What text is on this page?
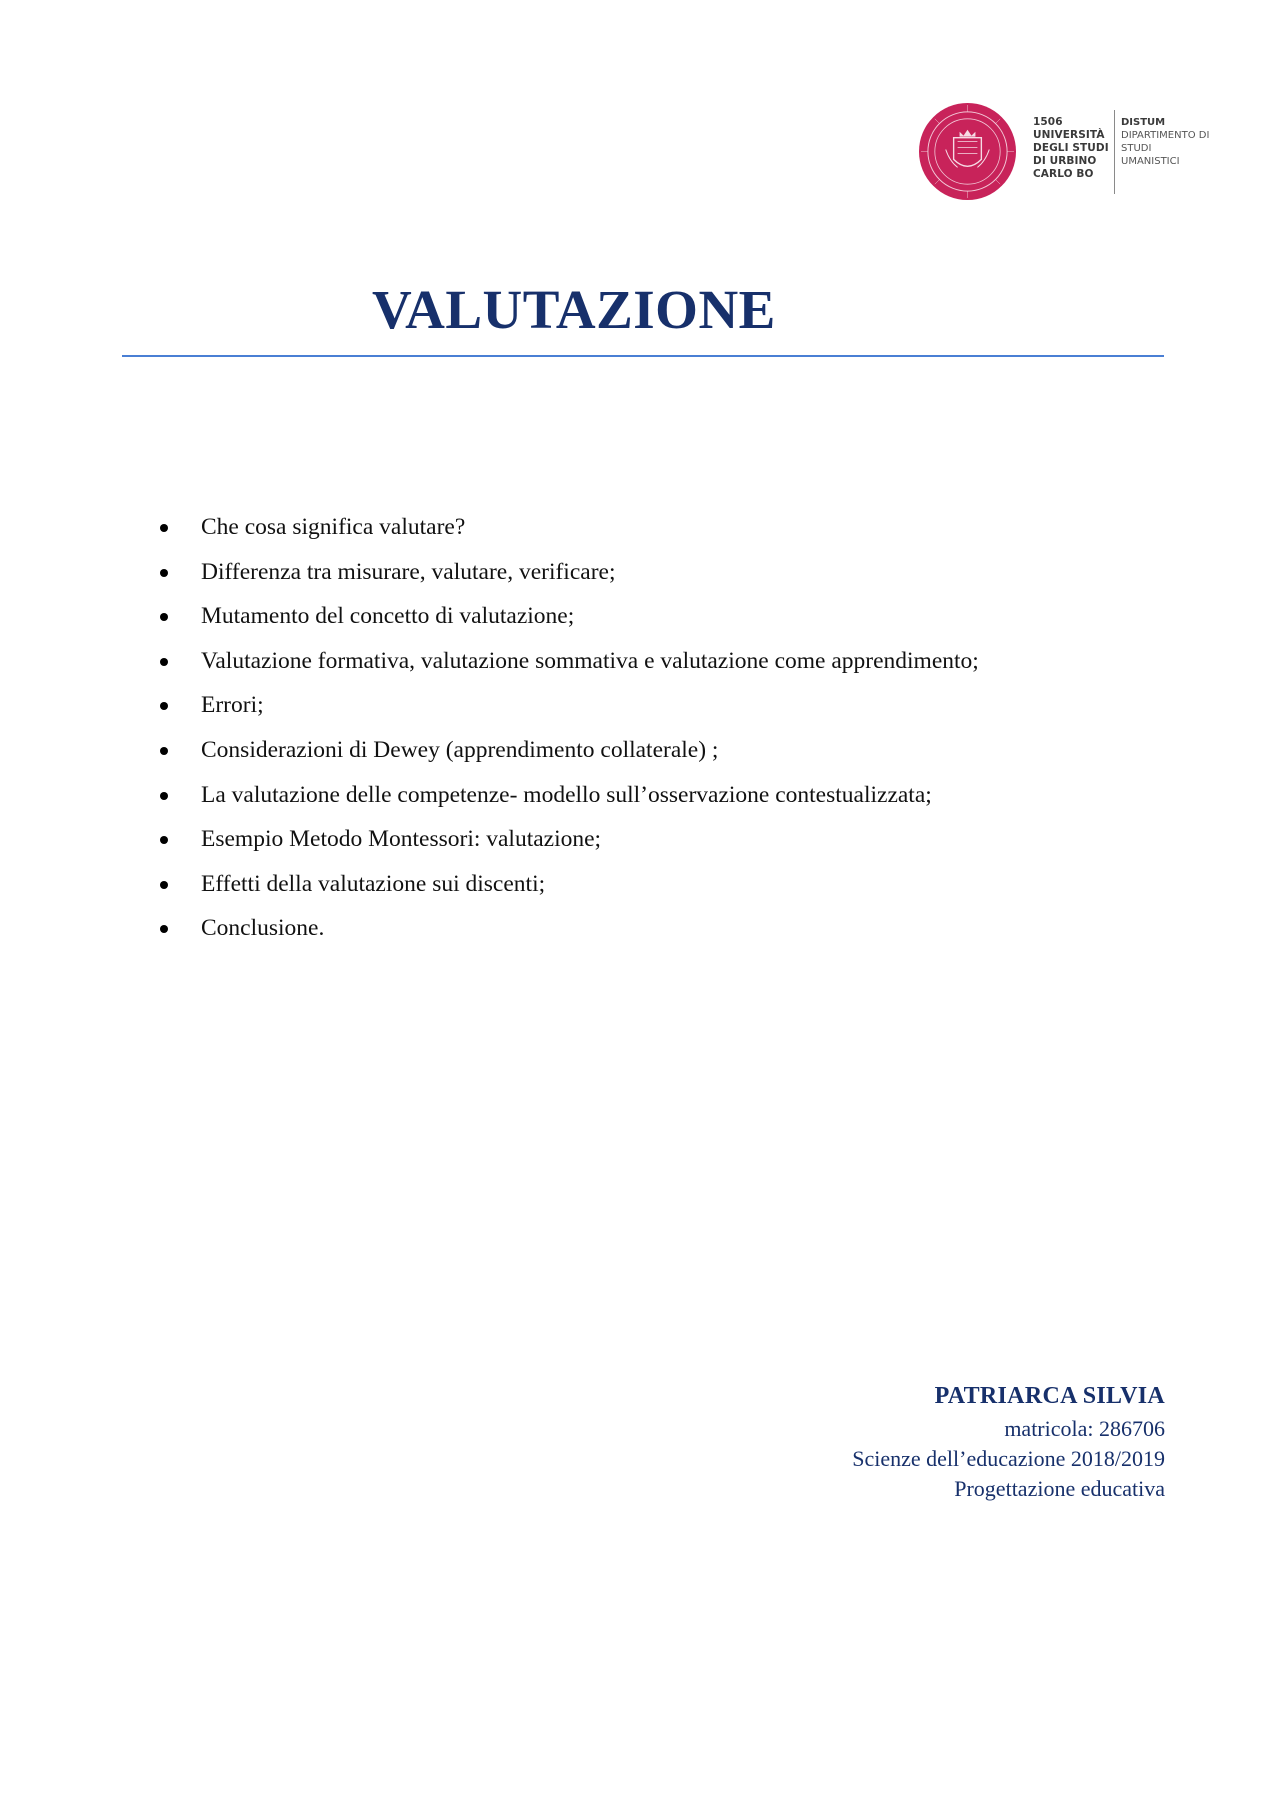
1506
UNIVERSITÀ
DEGLI STUDI
DI URBINO
CARLO BO
DISTUM
DIPARTIMENTO DI
STUDI
UMANISTICI
VALUTAZIONE
Che cosa significa valutare?
Differenza tra misurare, valutare, verificare;
Mutamento del concetto di valutazione;
Valutazione formativa, valutazione sommativa e valutazione come apprendimento;
Errori;
Considerazioni di Dewey (apprendimento collaterale) ;
La valutazione delle competenze- modello sull’osservazione contestualizzata;
Esempio Metodo Montessori: valutazione;
Effetti della valutazione sui discenti;
Conclusione.
PATRIARCA SILVIA
matricola: 286706
Scienze dell’educazione 2018/2019
Progettazione educativa
